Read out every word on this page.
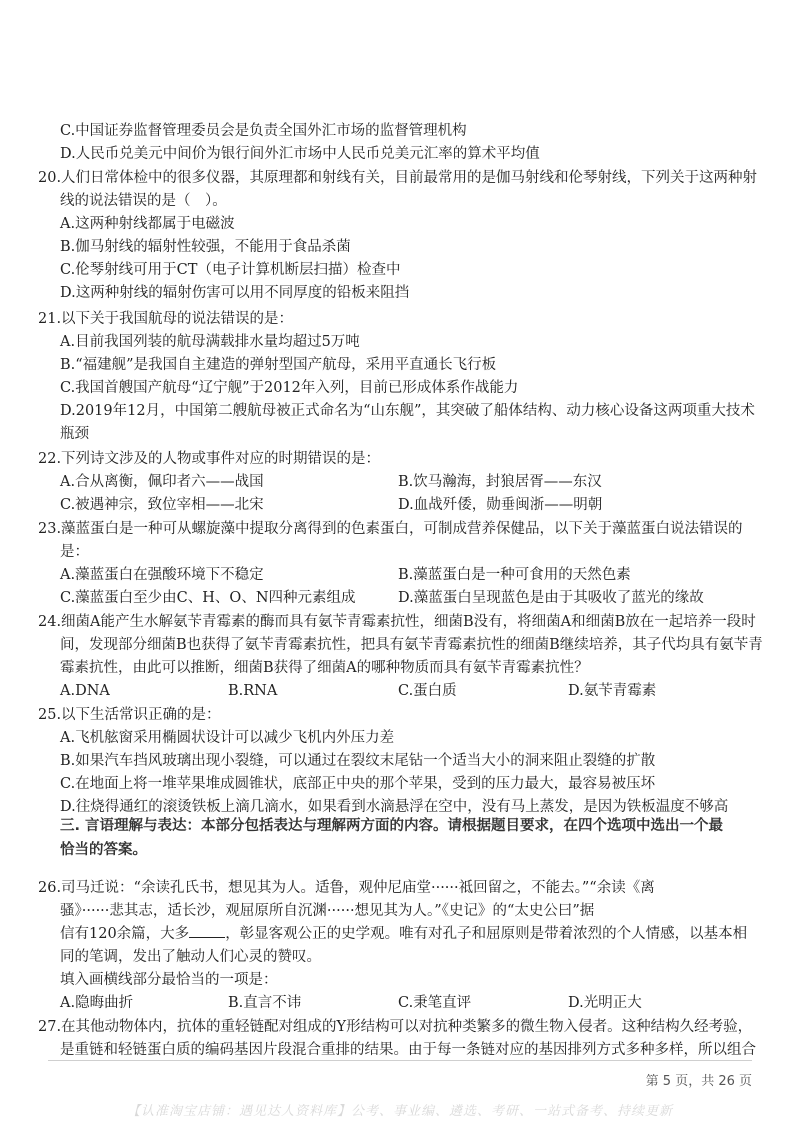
C.中国证券监督管理委员会是负责全国外汇市场的监督管理机构
D.人民币兑美元中间价为银行间外汇市场中人民币兑美元汇率的算术平均值
20.人们日常体检中的很多仪器，其原理都和射线有关，目前最常用的是伽马射线和伦琴射线，下列关于这两种射
线的说法错误的是（　）。
A.这两种射线都属于电磁波
B.伽马射线的辐射性较强，不能用于食品杀菌
C.伦琴射线可用于CT（电子计算机断层扫描）检查中
D.这两种射线的辐射伤害可以用不同厚度的铅板来阻挡
21.以下关于我国航母的说法错误的是：
A.目前我国列装的航母满载排水量均超过5万吨
B.“福建舰”是我国自主建造的弹射型国产航母，采用平直通长飞行板
C.我国首艘国产航母“辽宁舰”于2012年入列，目前已形成体系作战能力
D.2019年12月，中国第二艘航母被正式命名为“山东舰”，其突破了船体结构、动力核心设备这两项重大技术
瓶颈
22.下列诗文涉及的人物或事件对应的时期错误的是：
A.合从离衡，佩印者六——战国	B.饮马瀚海，封狼居胥——东汉
C.被遇神宗，致位宰相——北宋	D.血战歼倭，勋垂闽浙——明朝
23.藻蓝蛋白是一种可从螺旋藻中提取分离得到的色素蛋白，可制成营养保健品，以下关于藻蓝蛋白说法错误的
是：
A.藻蓝蛋白在强酸环境下不稳定	B.藻蓝蛋白是一种可食用的天然色素
C.藻蓝蛋白至少由C、H、O、N四种元素组成	D.藻蓝蛋白呈现蓝色是由于其吸收了蓝光的缘故
24.细菌A能产生水解氨苄青霉素的酶而具有氨苄青霉素抗性，细菌B没有，将细菌A和细菌B放在一起培养一段时
间，发现部分细菌B也获得了氨苄青霉素抗性，把具有氨苄青霉素抗性的细菌B继续培养，其子代均具有氨苄青
霉素抗性，由此可以推断，细菌B获得了细菌A的哪种物质而具有氨苄青霉素抗性？
A.DNA	B.RNA	C.蛋白质	D.氨苄青霉素
25.以下生活常识正确的是：
A.飞机舷窗采用椭圆状设计可以减少飞机内外压力差
B.如果汽车挡风玻璃出现小裂缝，可以通过在裂纹末尾钻一个适当大小的洞来阻止裂缝的扩散
C.在地面上将一堆苹果堆成圆锥状，底部正中央的那个苹果，受到的压力最大，最容易被压坏
D.往烧得通红的滚烫铁板上滴几滴水，如果看到水滴悬浮在空中，没有马上蒸发，是因为铁板温度不够高
三. 言语理解与表达：本部分包括表达与理解两方面的内容。请根据题目要求，在四个选项中选出一个最
恰当的答案。
26.司马迁说：“余读孔氏书，想见其为人。适鲁，观仲尼庙堂······祗回留之，不能去。”“余读《离
骚》······悲其志，适长沙，观屈原所自沉渊······想见其为人。”《史记》的“太史公曰”据
信有120余篇，大多 ，彰显客观公正的史学观。唯有对孔子和屈原则是带着浓烈的个人情感，以基本相
同的笔调，发出了触动人们心灵的赞叹。
填入画横线部分最恰当的一项是：
A.隐晦曲折	B.直言不讳	C.秉笔直评	D.光明正大
27.在其他动物体内，抗体的重轻链配对组成的Y形结构可以对抗种类繁多的微生物入侵者。这种结构久经考验，
是重链和轻链蛋白质的编码基因片段混合重排的结果。由于每一条链对应的基因排列方式多种多样，所以组合
第 5 页，共 26 页
【认准淘宝店铺：遇见达人资料库】公考、事业编、遴选、考研、一站式备考、持续更新
